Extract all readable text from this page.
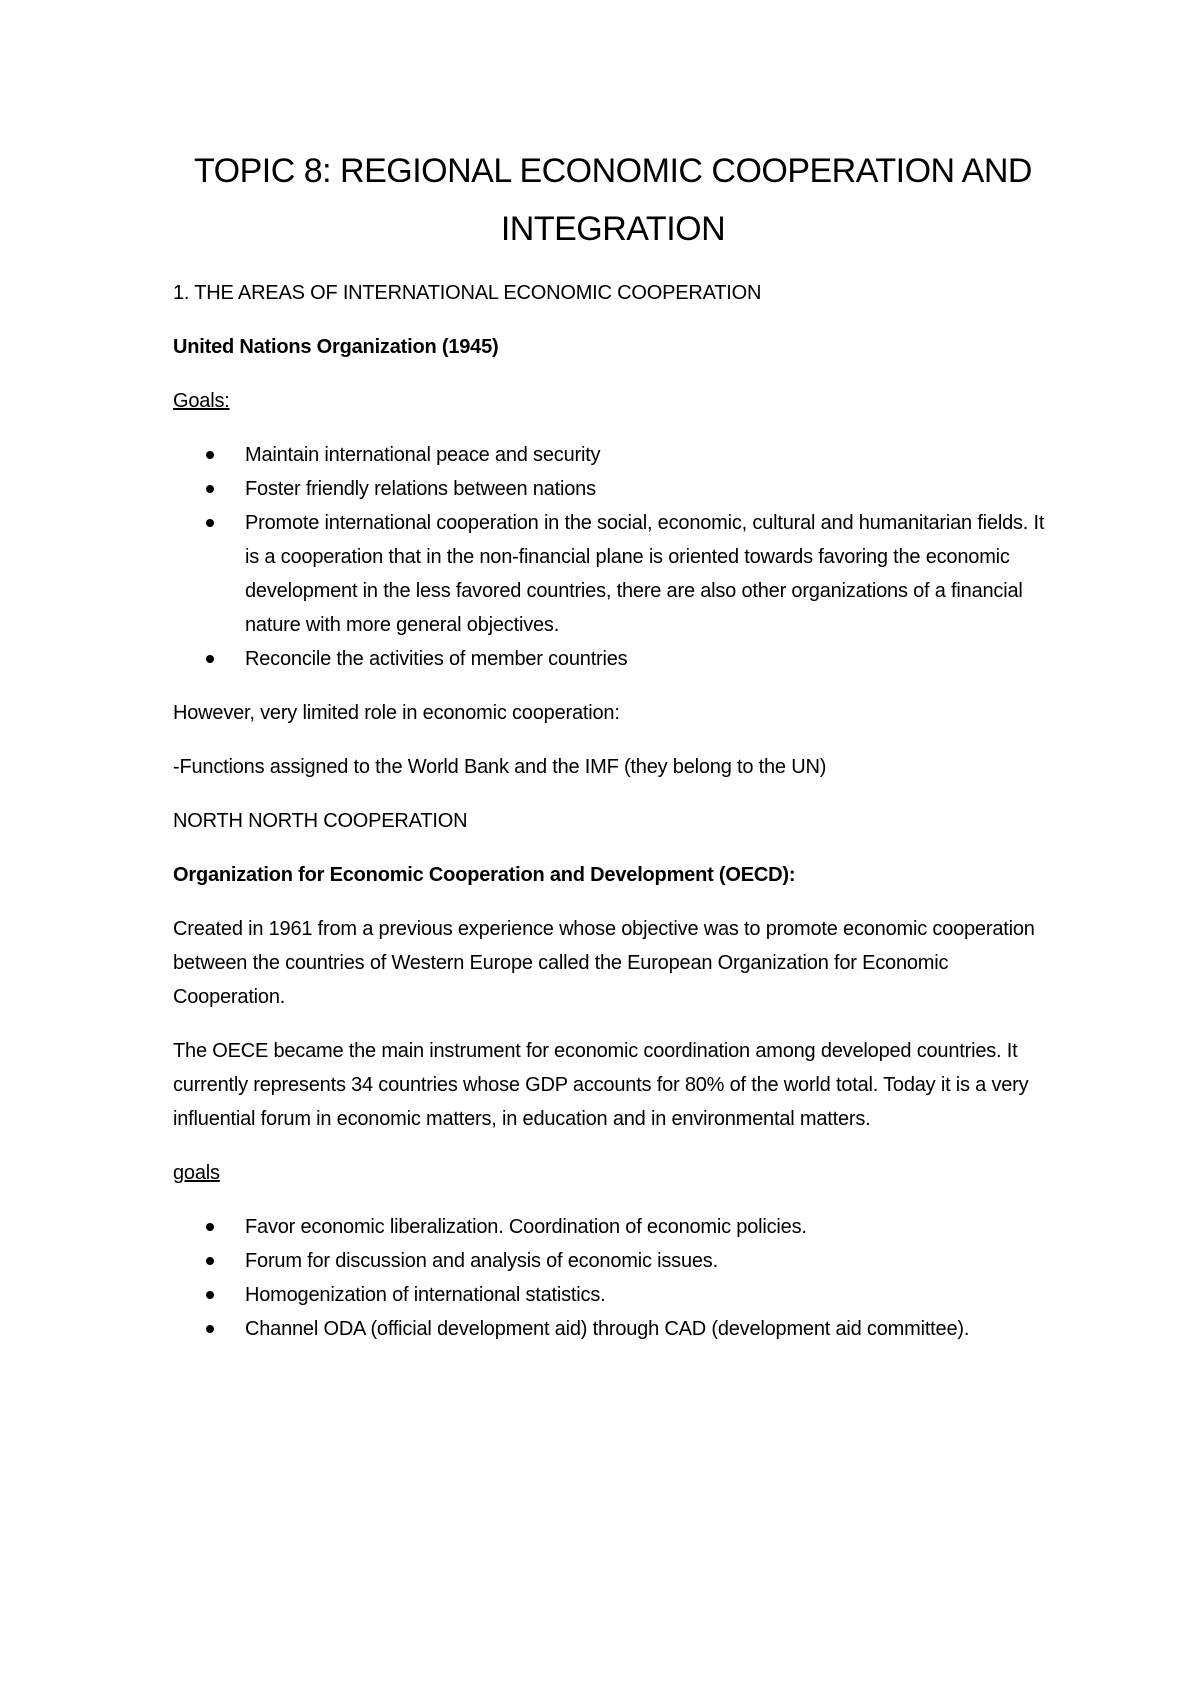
TOPIC 8: REGIONAL ECONOMIC COOPERATION AND INTEGRATION

1. THE AREAS OF INTERNATIONAL ECONOMIC COOPERATION

United Nations Organization (1945)

Goals:

Maintain international peace and security
Foster friendly relations between nations
Promote international cooperation in the social, economic, cultural and humanitarian fields. It is a cooperation that in the non-financial plane is oriented towards favoring the economic development in the less favored countries, there are also other organizations of a financial nature with more general objectives.
Reconcile the activities of member countries

However, very limited role in economic cooperation:

-Functions assigned to the World Bank and the IMF (they belong to the UN)

NORTH NORTH COOPERATION

Organization for Economic Cooperation and Development (OECD):

Created in 1961 from a previous experience whose objective was to promote economic cooperation between the countries of Western Europe called the European Organization for Economic Cooperation.

The OECE became the main instrument for economic coordination among developed countries. It currently represents 34 countries whose GDP accounts for 80% of the world total. Today it is a very influential forum in economic matters, in education and in environmental matters.

goals

Favor economic liberalization. Coordination of economic policies.
Forum for discussion and analysis of economic issues.
Homogenization of international statistics.
Channel ODA (official development aid) through CAD (development aid committee).
